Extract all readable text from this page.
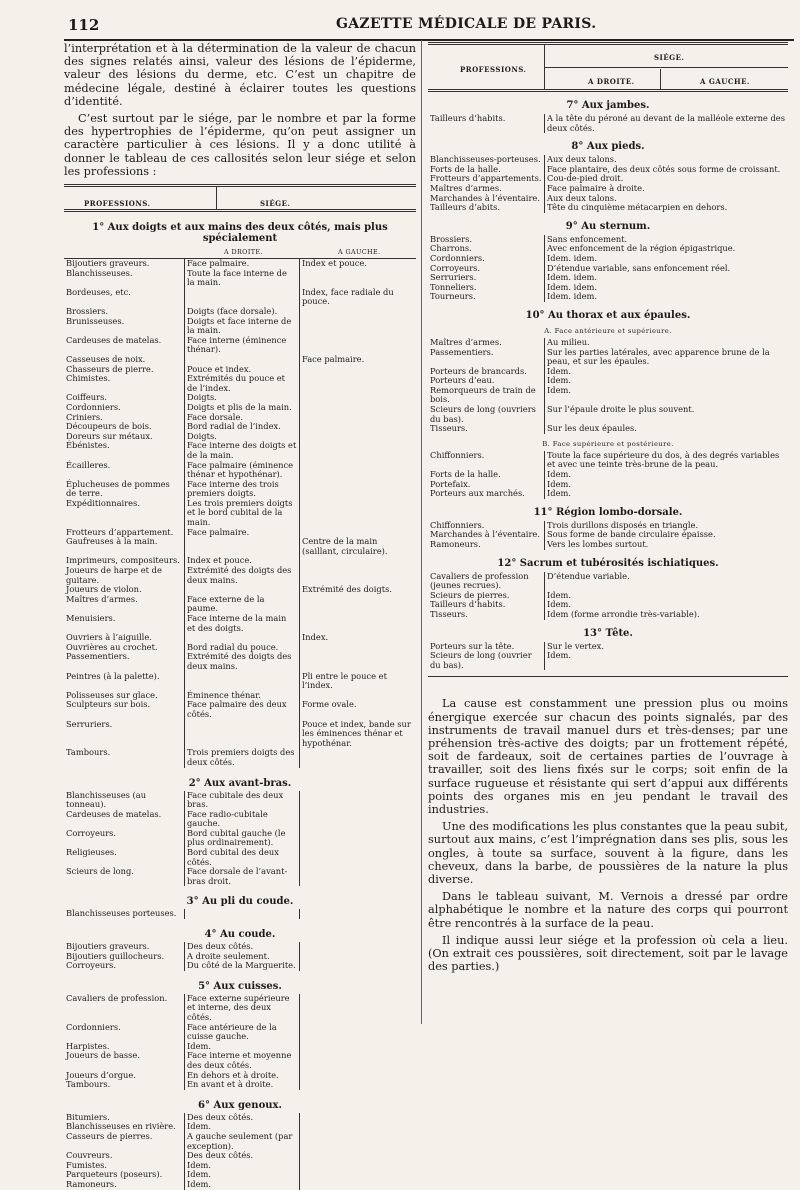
112	GAZETTE MÉDICALE DE PARIS.

l’interprétation et à la détermination de la valeur de chacun des signes relatés ainsi, valeur des lésions de l’épiderme, valeur des lésions du derme, etc. C’est un chapitre de médecine légale, destiné à éclairer toutes les questions d’identité.

C’est surtout par le siége, par le nombre et par la forme des hypertrophies de l’épiderme, qu’on peut assigner un caractère particulier à ces lésions. Il y a donc utilité à donner le tableau de ces callosités selon leur siége et selon les professions :

PROFESSIONS.	SIÉGE.
1° Aux doigts et aux mains des deux côtés, mais plus spécialement
A DROITE.	A GAUCHE.
Bijoutiers graveurs.	Face palmaire.	Index et pouce.
Blanchisseuses.	Toute la face interne de la main.	
Bordeuses, etc.		Index, face radiale du pouce.
Brossiers.	Doigts (face dorsale).	
Brunisseuses.	Doigts et face interne de la main.	
Cardeuses de matelas.	Face interne (éminence thénar).	
Casseuses de noix.		Face palmaire.
Chasseurs de pierre.	Pouce et index.	
Chimistes.	Extrémités du pouce et de l’index.	
Coiffeurs.	Doigts.	
Cordonniers.	Doigts et plis de la main.	
Criniers.	Face dorsale.	
Découpeurs de bois.	Bord radial de l’index.	
Doreurs sur métaux.	Doigts.	
Ébénistes.	Face interne des doigts et de la main.	
Écailleres.	Face palmaire (éminence thénar et hypothénar).	
Éplucheuses de pommes de terre.	Face interne des trois premiers doigts.	
Expéditionnaires.	Les trois premiers doigts et le bord cubital de la main.	
Frotteurs d’appartement.	Face palmaire.	
Gaufreuses à la main.		Centre de la main (saillant, circulaire).
Imprimeurs, compositeurs.	Index et pouce.	
Joueurs de harpe et de guitare.	Extrémité des doigts des deux mains.	
Joueurs de violon.		Extrémité des doigts.
Maîtres d’armes.	Face externe de la paume.	
Menuisiers.	Face interne de la main et des doigts.	
Ouvriers à l’aiguille.		Index.
Ouvrières au crochet.	Bord radial du pouce.	
Passementiers.	Extrémité des doigts des deux mains.	
Peintres (à la palette).		Pli entre le pouce et l’index.
Polisseuses sur glace.	Éminence thénar.	
Sculpteurs sur bois.	Face palmaire des deux côtés.	Forme ovale.
Serruriers.		Pouce et index, bande sur les éminences thénar et hypothénar.
Tambours.	Trois premiers doigts des deux côtés.	
2° Aux avant-bras.
Blanchisseuses (au tonneau).	Face cubitale des deux bras.	
Cardeuses de matelas.	Face radio-cubitale gauche.	
Corroyeurs.	Bord cubital gauche (le plus ordinairement).	
Religieuses.	Bord cubital des deux côtés.	
Scieurs de long.	Face dorsale de l’avant-bras droit.	
3° Au pli du coude.
Blanchisseuses porteuses.		
4° Au coude.
Bijoutiers graveurs.	Des deux côtés.	
Bijoutiers guillocheurs.	A droite seulement.	
Corroyeurs.	Du côté de la Marguerite.	
5° Aux cuisses.
Cavaliers de profession.	Face externe supérieure et interne, des deux côtés.	
Cordonniers.	Face antérieure de la cuisse gauche.	
Harpistes.	Idem.	
Joueurs de basse.	Face interne et moyenne des deux côtés.	
Joueurs d’orgue.	En dehors et à droite.	
Tambours.	En avant et à droite.	
6° Aux genoux.
Bitumiers.	Des deux côtés.	
Blanchisseuses en rivière.	Idem.	
Casseurs de pierres.	A gauche seulement (par exception).	
Couvreurs.	Des deux côtés.	
Fumistes.	Idem.	
Parqueteurs (poseurs).	Idem.	
Ramoneurs.	Idem.	
PROFESSIONS.
SIÉGE.
A DROITE.	A GAUCHE.
7° Aux jambes.
Tailleurs d’habits.	A la tête du péroné au devant de la malléole externe des deux côtés.
8° Aux pieds.
Blanchisseuses-porteuses.	Aux deux talons.
Forts de la halle.	Face plantaire, des deux côtés sous forme de croissant.
Frotteurs d’appartements.	Cou-de-pied droit.
Maîtres d’armes.	Face palmaire à droite.
Marchandes à l’éventaire.	Aux deux talons.
Tailleurs d’abits.	Tête du cinquième métacarpien en dehors.
9° Au sternum.
Brossiers.	Sans enfoncement.
Charrons.	Avec enfoncement de la région épigastrique.
Cordonniers.	Idem. idem.
Corroyeurs.	D’étendue variable, sans enfoncement réel.
Serruriers.	Idem. idem.
Tonneliers.	Idem. idem.
Tourneurs.	Idem. idem.
10° Au thorax et aux épaules.
A. Face antérieure et supérieure.
Maîtres d’armes.	Au milieu.
Passementiers.	Sur les parties latérales, avec apparence brune de la peau, et sur les épaules.
Porteurs de brancards.	Idem.
Porteurs d’eau.	Idem.
Remorqueurs de train de bois.	Idem.
Scieurs de long (ouvriers du bas).	Sur l’épaule droite le plus souvent.
Tisseurs.	Sur les deux épaules.
B. Face supérieure et postérieure.
Chiffonniers.	Toute la face supérieure du dos, à des degrés variables et avec une teinte très-brune de la peau.
Forts de la halle.	Idem.
Portefaix.	Idem.
Porteurs aux marchés.	Idem.
11° Région lombo-dorsale.
Chiffonniers.	Trois durillons disposés en triangle.
Marchandes à l’éventaire.	Sous forme de bande circulaire épaisse.
Ramoneurs.	Vers les lombes surtout.
12° Sacrum et tubérosités ischiatiques.
Cavaliers de profession (jeunes recrues).	D’étendue variable.
Scieurs de pierres.	Idem.
Tailleurs d’habits.	Idem.
Tisseurs.	Idem (forme arrondie très-variable).
13° Tête.
Porteurs sur la tête.	Sur le vertex.
Scieurs de long (ouvrier du bas).	Idem.

La cause est constamment une pression plus ou moins énergique exercée sur chacun des points signalés, par des instruments de travail manuel durs et très-denses; par une préhension très-active des doigts; par un frottement répété, soit de fardeaux, soit de certaines parties de l’ouvrage à travailler, soit des liens fixés sur le corps; soit enfin de la surface rugueuse et résistante qui sert d’appui aux différents points des organes mis en jeu pendant le travail des industries.

Une des modifications les plus constantes que la peau subit, surtout aux mains, c’est l’imprégnation dans ses plis, sous les ongles, à toute sa surface, souvent à la figure, dans les cheveux, dans la barbe, de poussières de la nature la plus diverse.

Dans le tableau suivant, M. Vernois a dressé par ordre alphabétique le nombre et la nature des corps qui pourront être rencontrés à la surface de la peau.

Il indique aussi leur siége et la profession où cela a lieu. (On extrait ces poussières, soit directement, soit par le lavage des parties.)
